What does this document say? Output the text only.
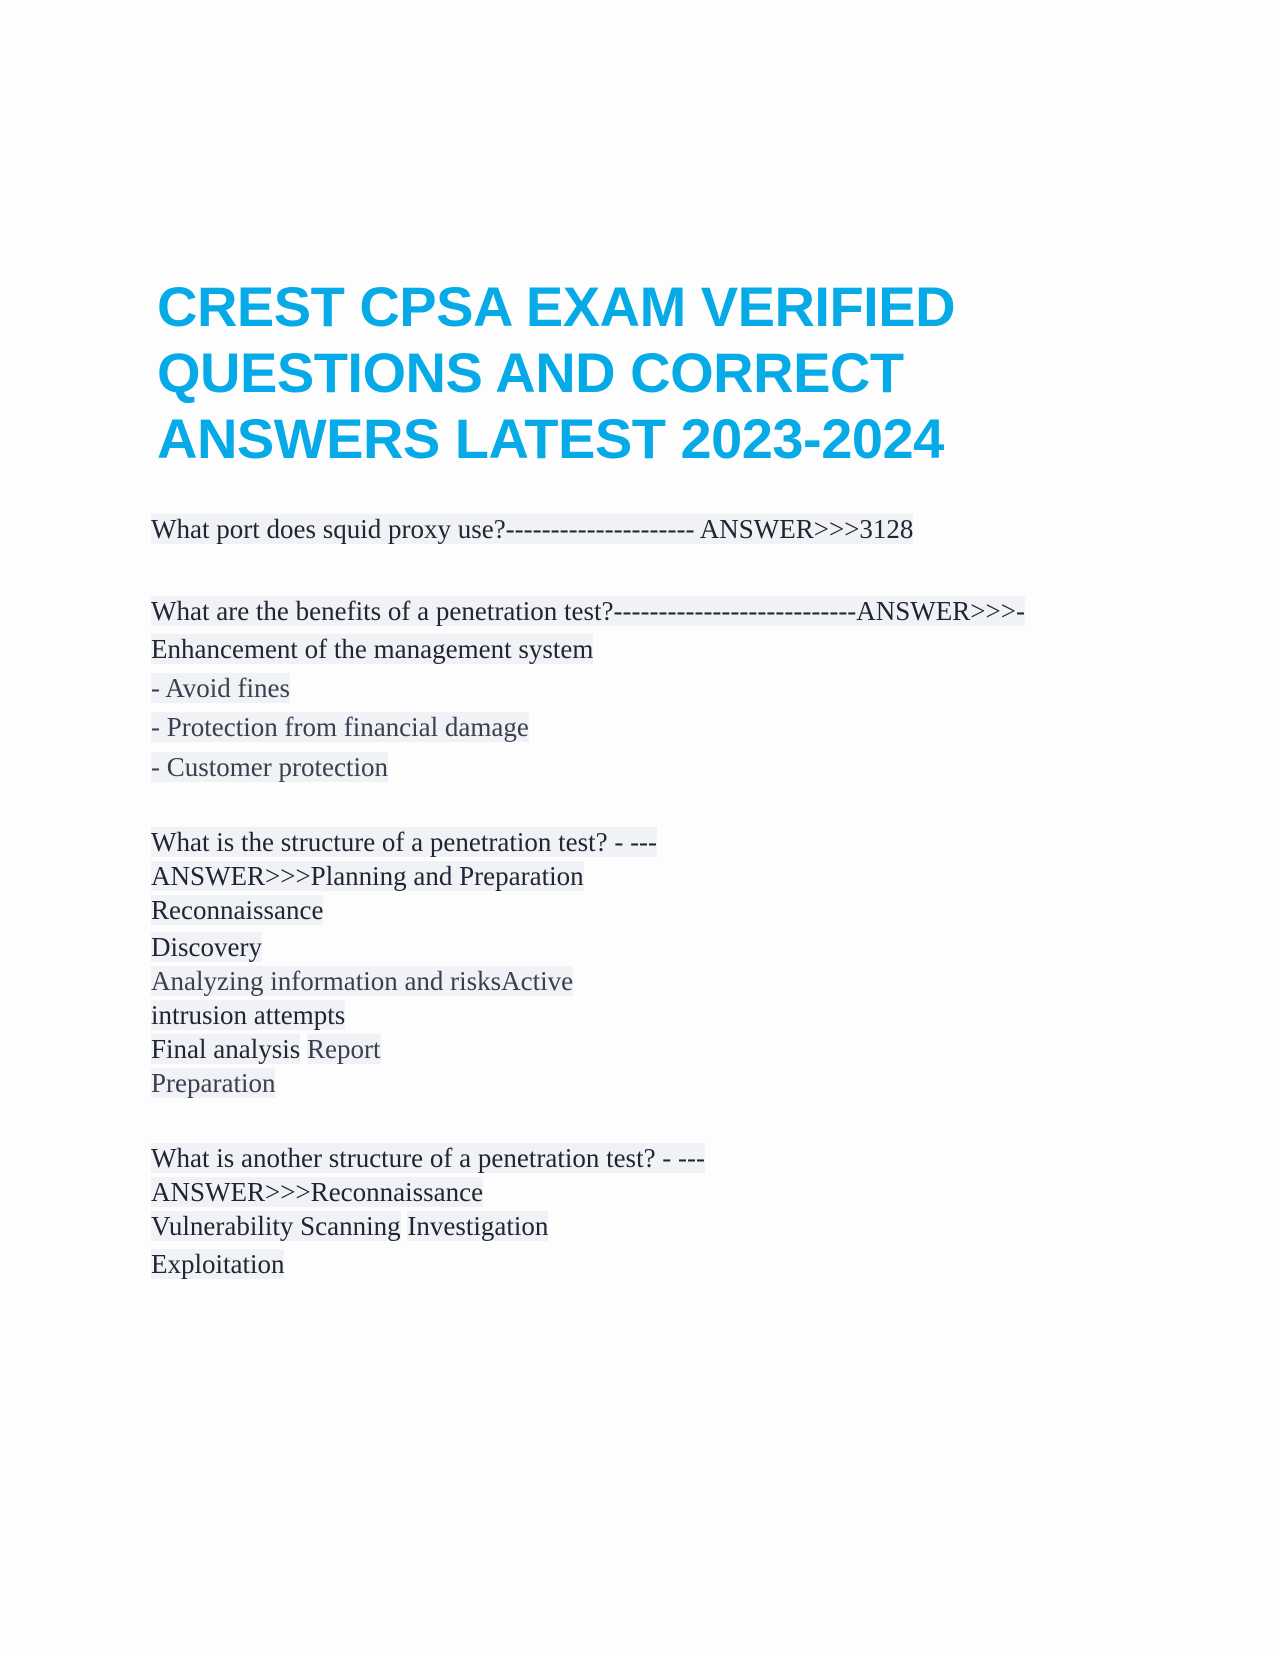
CREST CPSA EXAM VERIFIED
QUESTIONS AND CORRECT
ANSWERS LATEST 2023-2024

What port does squid proxy use?--------------------- ANSWER>>>3128

What are the benefits of a penetration test?---------------------------ANSWER>>>-

Enhancement of the management system

- Avoid fines

- Protection from financial damage

- Customer protection

What is the structure of a penetration test? - ---

ANSWER>>>Planning and Preparation

Reconnaissance

Discovery

Analyzing information and risksActive

intrusion attempts

Final analysis Report

Preparation

What is another structure of a penetration test? - ---

ANSWER>>>Reconnaissance

Vulnerability Scanning Investigation

Exploitation
